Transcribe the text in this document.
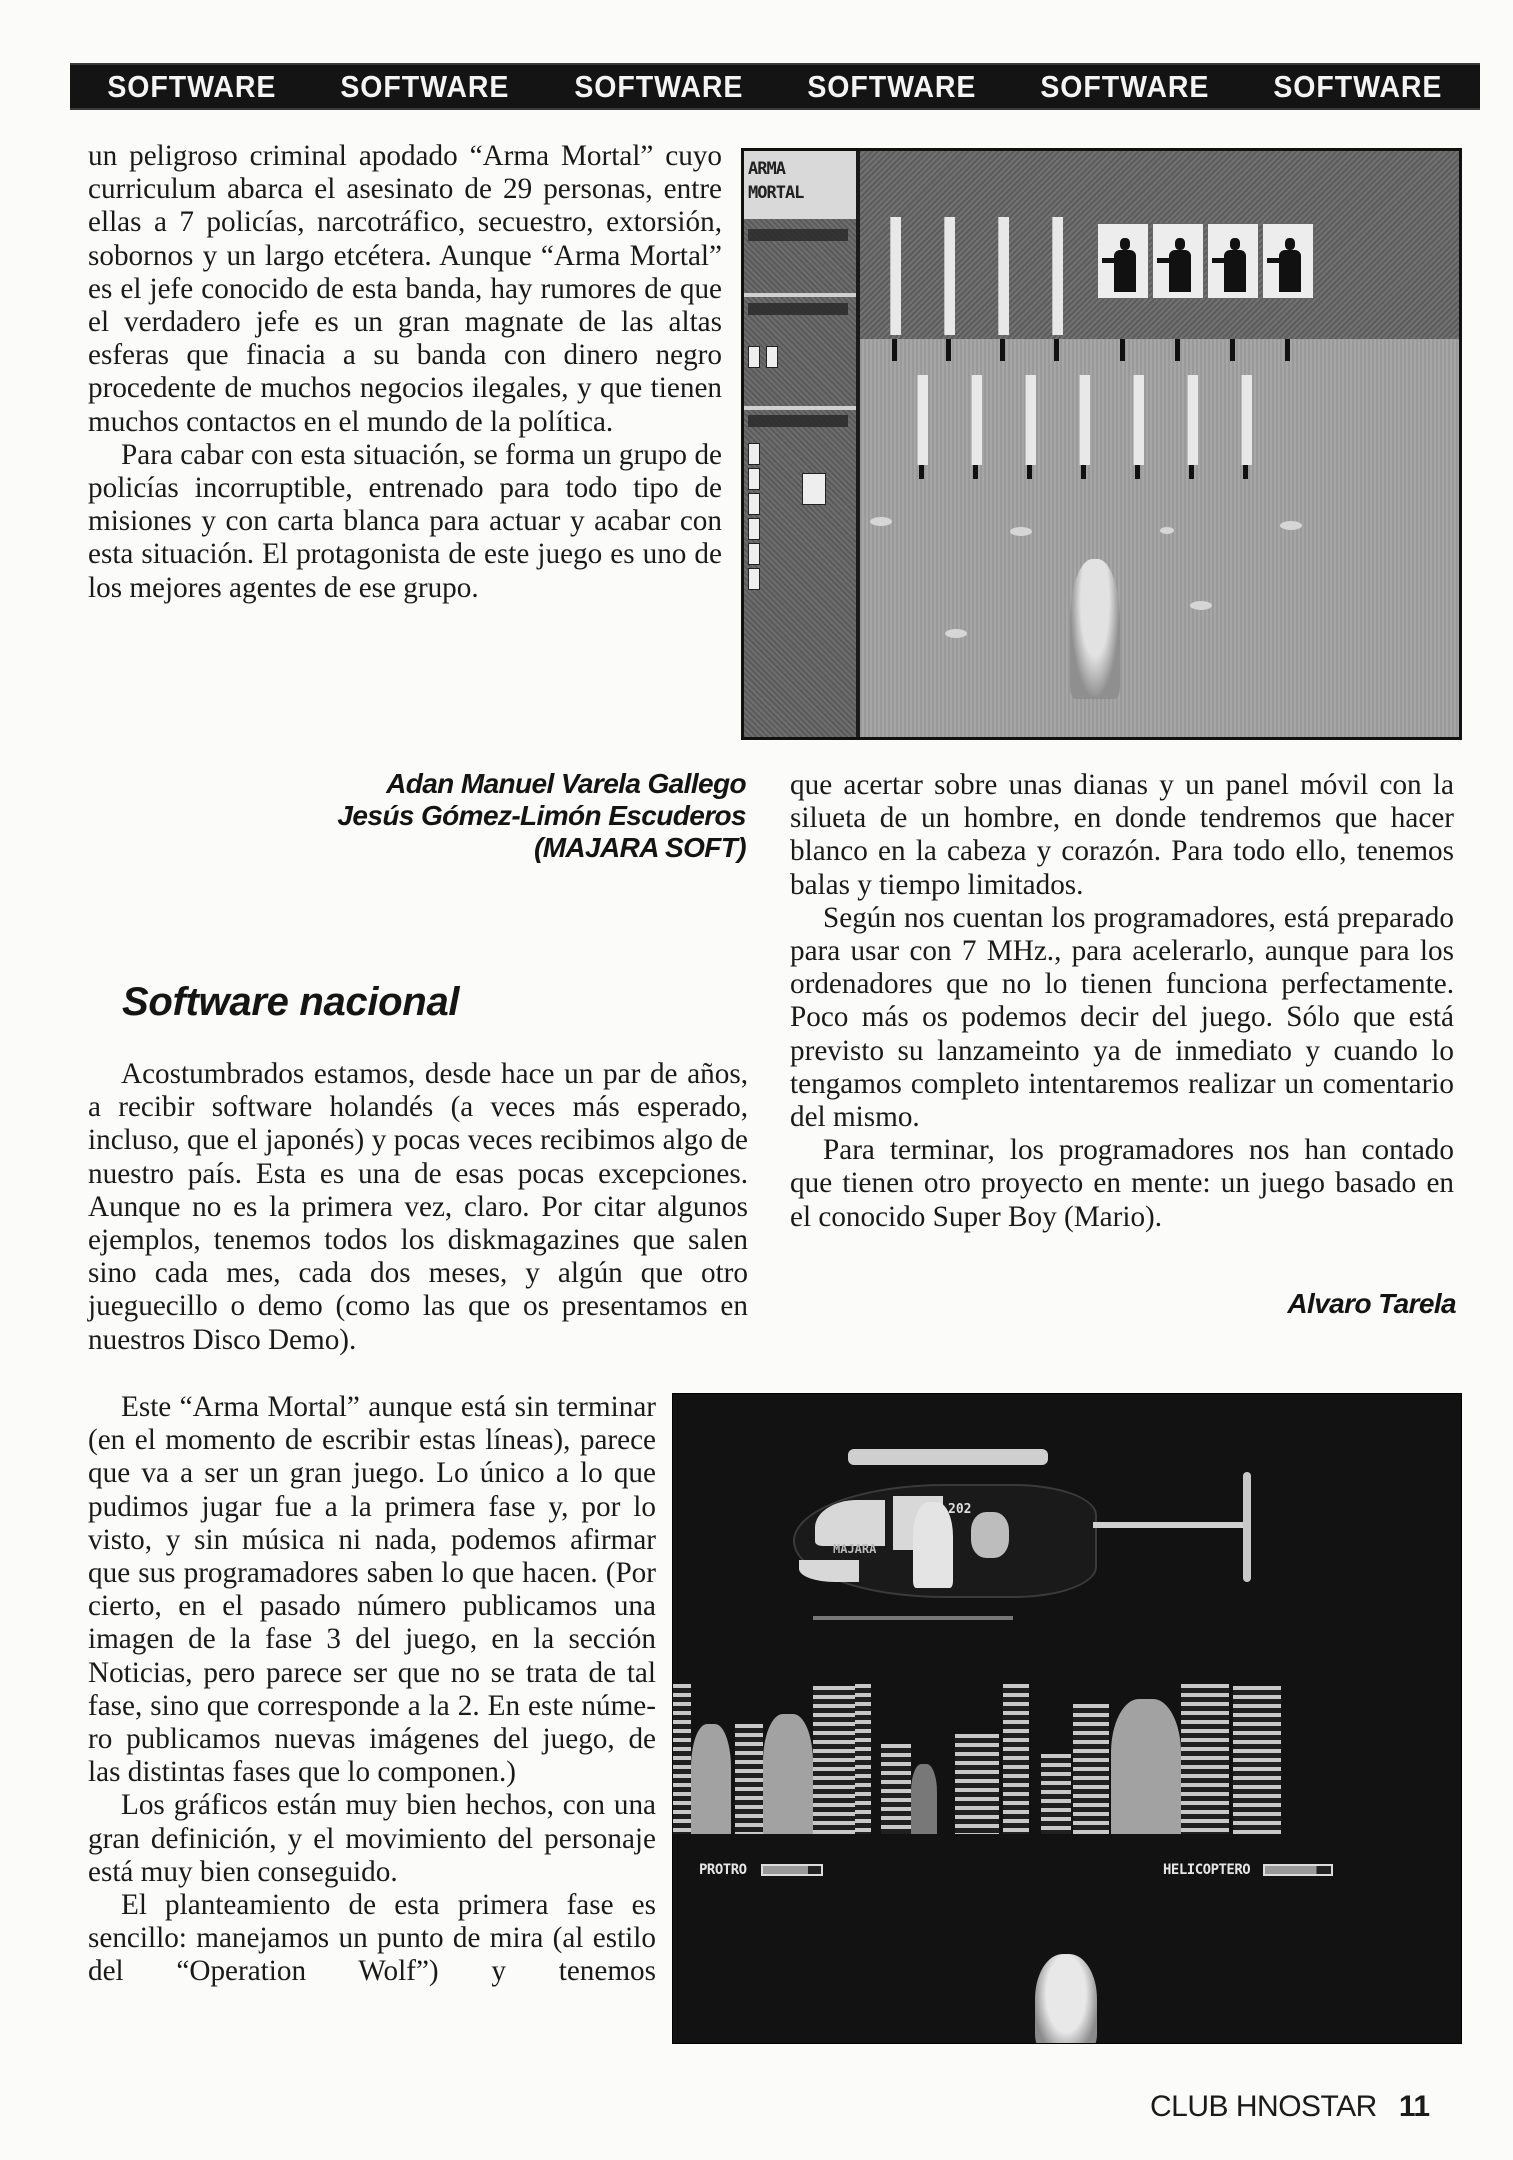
SOFTWARE SOFTWARE SOFTWARE SOFTWARE SOFTWARE SOFTWARE

un peligroso criminal apodado “Arma Mortal” cuyo curriculum abarca el asesinato de 29 personas, entre ellas a 7 policías, narcotráfico, secuestro, extorsión, sobornos y un largo etcétera. Aunque “Arma Mortal” es el jefe conocido de esta banda, hay rumores de que el verdadero jefe es un gran magnate de las altas esferas que finacia a su banda con dinero negro procedente de muchos negocios ilegales, y que tienen muchos contactos en el mundo de la política.

Para cabar con esta situación, se forma un grupo de policías incorruptible, entrenado para todo tipo de misiones y con carta blanca para actuar y acabar con esta situación. El protagonista de este juego es uno de los mejores agentes de ese grupo.

ARMA
MORTAL
Adan Manuel Varela Gallego
Jesús Gómez-Limón Escuderos
(MAJARA SOFT)
Software nacional

Acostumbrados estamos, desde hace un par de años, a recibir software holandés (a veces más esperado, incluso, que el japonés) y pocas veces recibimos algo de nuestro país. Esta es una de esas pocas excepciones. Aunque no es la primera vez, claro. Por citar algunos ejemplos, tenemos todos los diskmagazines que salen sino cada mes, cada dos meses, y algún que otro jueguecillo o demo (como las que os presentamos en nuestros Disco Demo).

Este “Arma Mortal” aunque está sin terminar (en el momento de escribir estas líneas), parece que va a ser un gran juego. Lo único a lo que pudimos jugar fue a la primera fase y, por lo visto, y sin música ni nada, podemos afirmar que sus programadores saben lo que hacen. (Por cierto, en el pasado número publicamos una imagen de la fase 3 del juego, en la sección Noticias, pero parece ser que no se trata de tal fase, sino que corresponde a la 2. En este número publicamos nuevas imágenes del juego, de las distintas fases que lo componen.)

Los gráficos están muy bien hechos, con una gran definición, y el movimiento del personaje está muy bien conseguido.

El planteamiento de esta primera fase es sencillo: manejamos un punto de mira (al estilo del “Operation Wolf”) y tenemos

que acertar sobre unas dianas y un panel móvil con la silueta de un hombre, en donde tendremos que hacer blanco en la cabeza y corazón. Para todo ello, tenemos balas y tiempo limitados.

Según nos cuentan los programadores, está preparado para usar con 7 MHz., para acelerarlo, aunque para los ordenadores que no lo tienen funciona perfectamente. Poco más os podemos decir del juego. Sólo que está previsto su lanzameinto ya de inmediato y cuando lo tengamos completo intentaremos realizar un comentario del mismo.

Para terminar, los programadores nos han contado que tienen otro proyecto en mente: un juego basado en el conocido Super Boy (Mario).

Alvaro Tarela
MAJARA
202
PROTRO	HELICOPTERO
CLUB HNOSTAR 11
